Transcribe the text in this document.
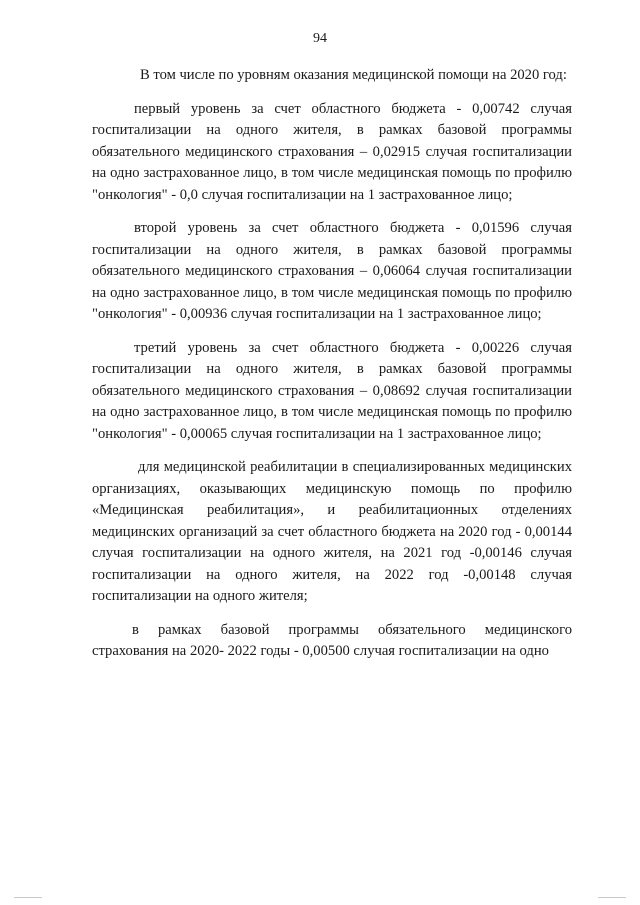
94

В том числе по уровням оказания медицинской помощи на 2020 год:

первый уровень за счет областного бюджета - 0,00742 случая госпитализации на одного жителя, в рамках базовой программы обязательного медицинского страхования – 0,02915 случая госпитализации на одно застрахованное лицо, в том числе медицинская помощь по профилю "онкология" - 0,0 случая госпитализации на 1 застрахованное лицо;

второй уровень за счет областного бюджета - 0,01596 случая госпитализации на одного жителя, в рамках базовой программы обязательного медицинского страхования – 0,06064 случая госпитализации на одно застрахованное лицо, в том числе медицинская помощь по профилю "онкология" - 0,00936 случая госпитализации на 1 застрахованное лицо;

третий уровень за счет областного бюджета - 0,00226 случая госпитализации на одного жителя, в рамках базовой программы обязательного медицинского страхования – 0,08692 случая госпитализации на одно застрахованное лицо, в том числе медицинская помощь по профилю "онкология" - 0,00065 случая госпитализации на 1 застрахованное лицо;

для медицинской реабилитации в специализированных медицинских организациях, оказывающих медицинскую помощь по профилю «Медицинская реабилитация», и реабилитационных отделениях медицинских организаций за счет областного бюджета на 2020 год - 0,00144 случая госпитализации на одного жителя, на 2021 год -0,00146 случая госпитализации на одного жителя, на 2022 год -0,00148 случая госпитализации на одного жителя;

в рамках базовой программы обязательного медицинского страхования на 2020- 2022 годы - 0,00500 случая госпитализации на одно
